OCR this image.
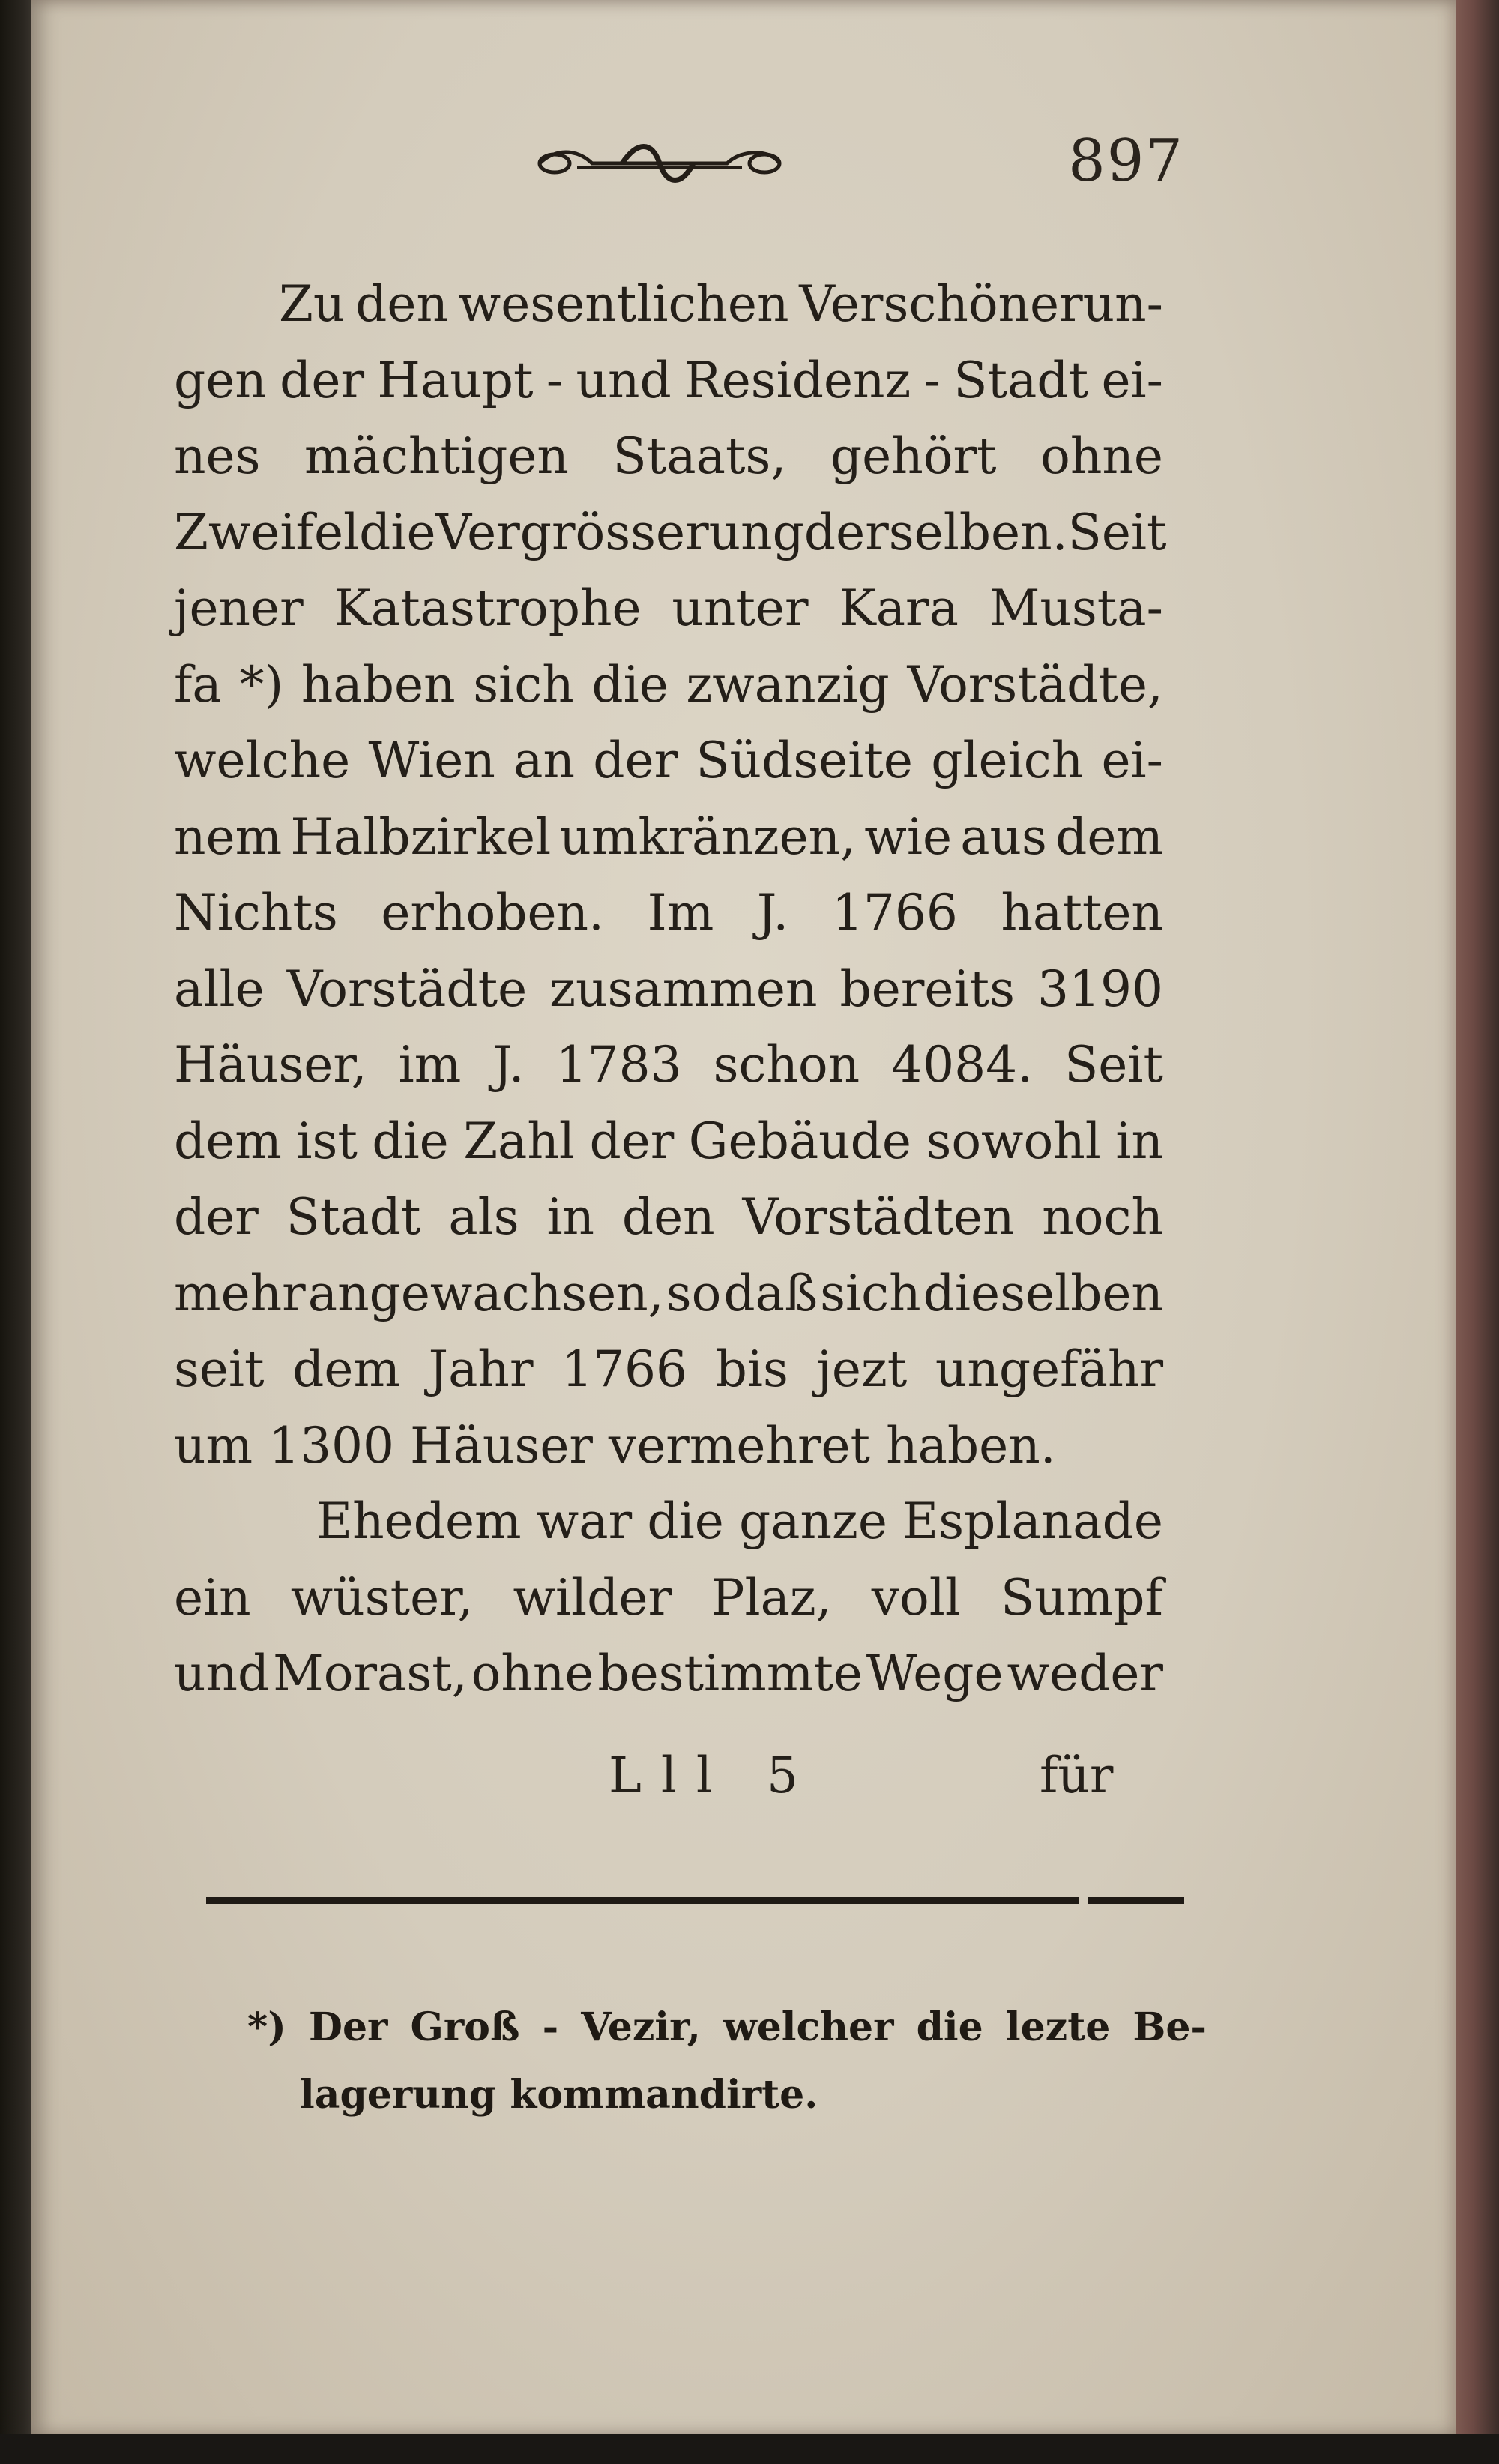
897
Zu den wesentlichen Verschönerun-
gen der Haupt - und Residenz - Stadt ei-
nes mächtigen Staats, gehört ohne
Zweifel die Vergrösserung derselben. Seit
jener Katastrophe unter Kara Musta-
fa *) haben sich die zwanzig Vorstädte,
welche Wien an der Südseite gleich ei-
nem Halbzirkel umkränzen, wie aus dem
Nichts erhoben. Im J. 1766 hatten
alle Vorstädte zusammen bereits 3190
Häuser, im J. 1783 schon 4084. Seit
dem ist die Zahl der Gebäude sowohl in
der Stadt als in den Vorstädten noch
mehr angewachsen, so daß sich dieselben
seit dem Jahr 1766 bis jezt ungefähr
um 1300 Häuser vermehret haben.
Ehedem war die ganze Esplanade
ein wüster, wilder Plaz, voll Sumpf
und Morast, ohne bestimmte Wege weder
Lll 5	für
*) Der Groß - Vezir, welcher die lezte Be-
lagerung kommandirte.
